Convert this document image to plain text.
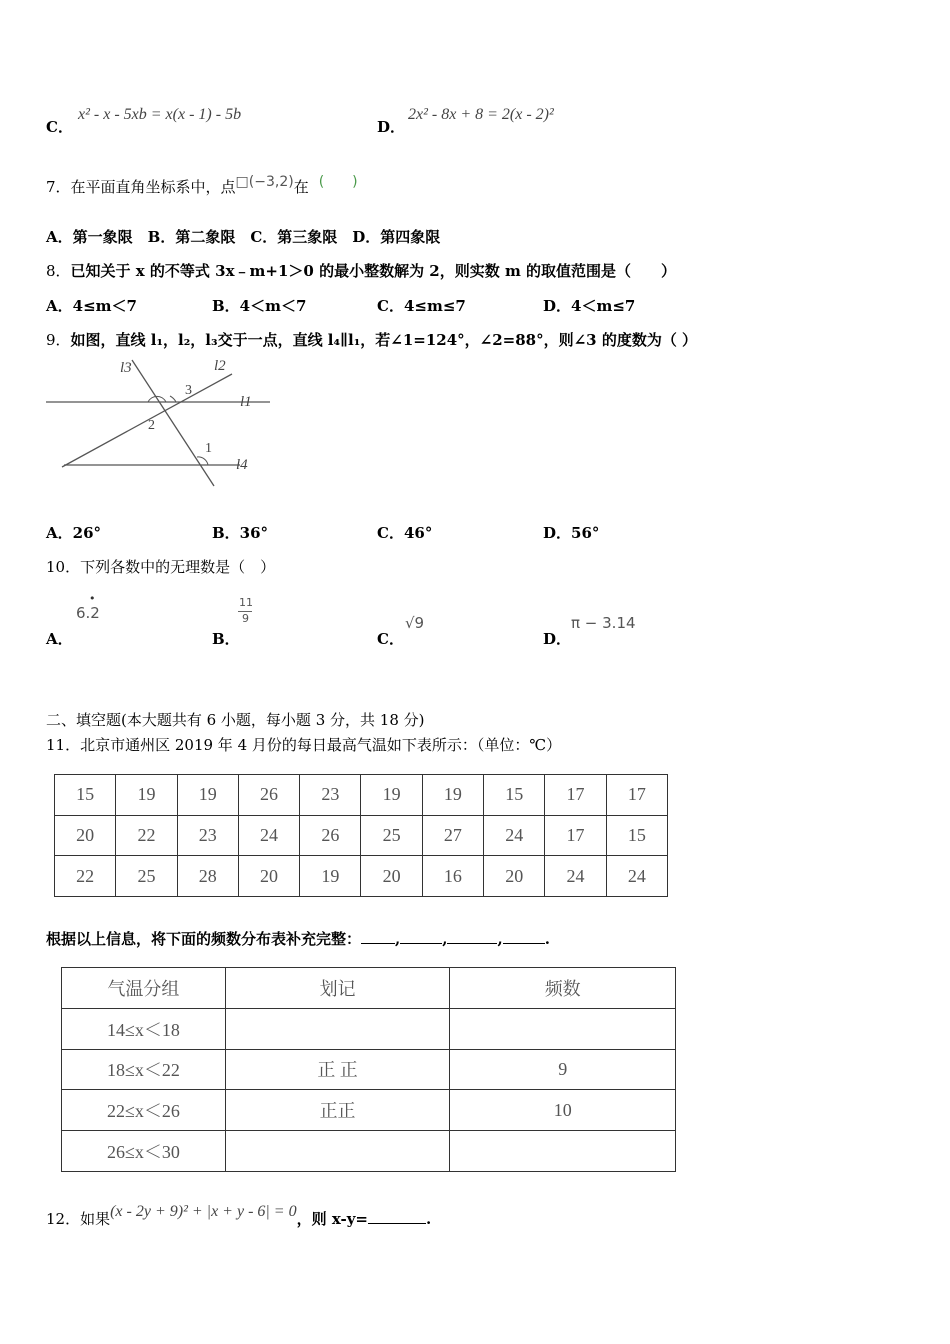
C．
x² - x - 5xb = x(x - 1) - 5b
D．
2x² - 8x + 8 = 2(x - 2)²
7．在平面直角坐标系中，点□(−3,2)在 (　　)
A．第一象限　B．第二象限　C．第三象限　D．第四象限
8．已知关于 x 的不等式 3x﹣m+1＞0 的最小整数解为 2，则实数 m 的取值范围是（　　）
A．4≤m＜7	B．4＜m＜7	C．4≤m≤7	D．4＜m≤7
9．如图，直线 l₁，l₂，l₃交于一点，直线 l₄∥l₁，若∠1=124°，∠2=88°，则∠3 的度数为（ ）
l3	l2
l1
l4
3
2
1
A．26°	B．36°	C．46°	D．56°
10．下列各数中的无理数是（　）
A．
6.2
•
B．
11
9
C．
√9
D．
π − 3.14
二、填空题(本大题共有 6 小题，每小题 3 分，共 18 分)
11．北京市通州区 2019 年 4 月份的每日最高气温如下表所示：（单位：℃）
15	19	19	26	23	19	19	15	17	17
20	22	23	24	26	25	27	24	17	15
22	25	28	20	19	20	16	20	24	24
根据以上信息，将下面的频数分布表补充完整： ,	,	,	.
气温分组	划记	频数
14≤x＜18		
18≤x＜22	正 正	9
22≤x＜26	正正	10
26≤x＜30		
12．如果(x - 2y + 9)² + |x + y - 6| = 0，则 x-y=	.
